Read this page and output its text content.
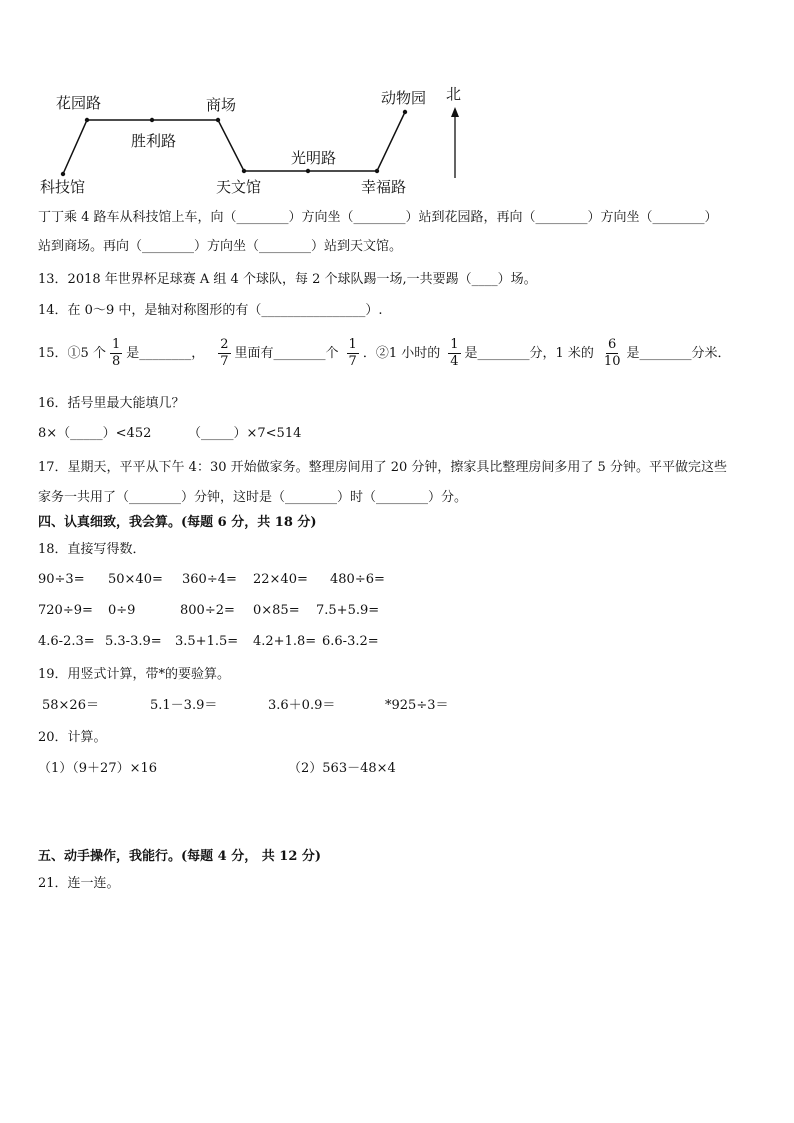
花园路	商场	动物园 北
胜利路
光明路
科技馆	天文馆	幸福路
丁丁乘 4 路车从科技馆上车，向（________）方向坐（________）站到花园路，再向（________）方向坐（________）
站到商场。再向（________）方向坐（________）站到天文馆。
13．2018 年世界杯足球赛 A 组 4 个球队，每 2 个球队踢一场,一共要踢（____）场。
14．在 0～9 中，是轴对称图形的有（________________）.
15．①5 个 $\frac{1}{8}$ 是________， $\frac{2}{7}$ 里面有________个 $\frac{1}{7}$ ．②1 小时的 $\frac{1}{4}$ 是________分，1 米的 $\frac{6}{10}$ 是________分米．
16．括号里最大能填几？
8×（_____）<452	（_____）×7<514
17．星期天，平平从下午 4：30 开始做家务。整理房间用了 20 分钟，擦家具比整理房间多用了 5 分钟。平平做完这些
家务一共用了（________）分钟，这时是（________）时（________）分。
四、认真细致，我会算。(每题 6 分，共 18 分)
18．直接写得数．
90÷3= 50×40= 360÷4= 22×40= 480÷6=
720÷9= 0÷9	800÷2= 0×85= 7.5+5.9=
4.6-2.3= 5.3-3.9= 3.5+1.5= 4.2+1.8= 6.6-3.2=
19．用竖式计算，带*的要验算。
58×26＝	5.1－3.9＝	3.6＋0.9＝	*925÷3＝
20．计算。
（1）（9＋27）×16	（2）563－48×4
五、动手操作，我能行。(每题 4 分， 共 12 分)
21．连一连。
